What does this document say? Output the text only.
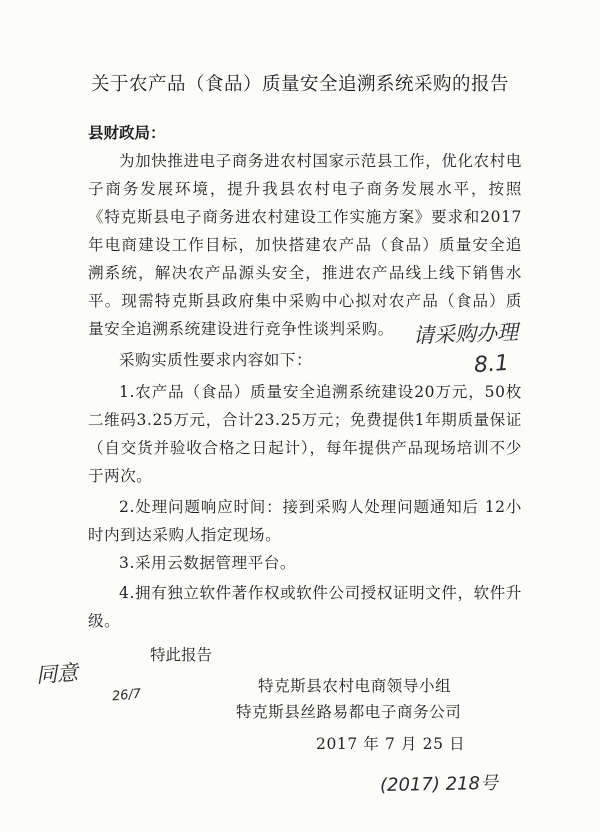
关于农产品（食品）质量安全追溯系统采购的报告
县财政局：
为加快推进电子商务进农村国家示范县工作，优化农村电子商务发展环境，提升我县农村电子商务发展水平，按照《特克斯县电子商务进农村建设工作实施方案》要求和2017年电商建设工作目标，加快搭建农产品（食品）质量安全追溯系统，解决农产品源头安全，推进农产品线上线下销售水平。现需特克斯县政府集中采购中心拟对农产品（食品）质量安全追溯系统建设进行竞争性谈判采购。
采购实质性要求内容如下：
1.农产品（食品）质量安全追溯系统建设20万元，50枚二维码3.25万元，合计23.25万元；免费提供1年期质量保证（自交货并验收合格之日起计），每年提供产品现场培训不少于两次。
2.处理问题响应时间：接到采购人处理问题通知后 12小时内到达采购人指定现场。
3.采用云数据管理平台。
4.拥有独立软件著作权或软件公司授权证明文件，软件升级。
特此报告
特克斯县农村电商领导小组
特克斯县丝路易都电子商务公司
2017 年 7 月 25 日
请采购办理
8.1
同意
26/7
(2017) 218号
